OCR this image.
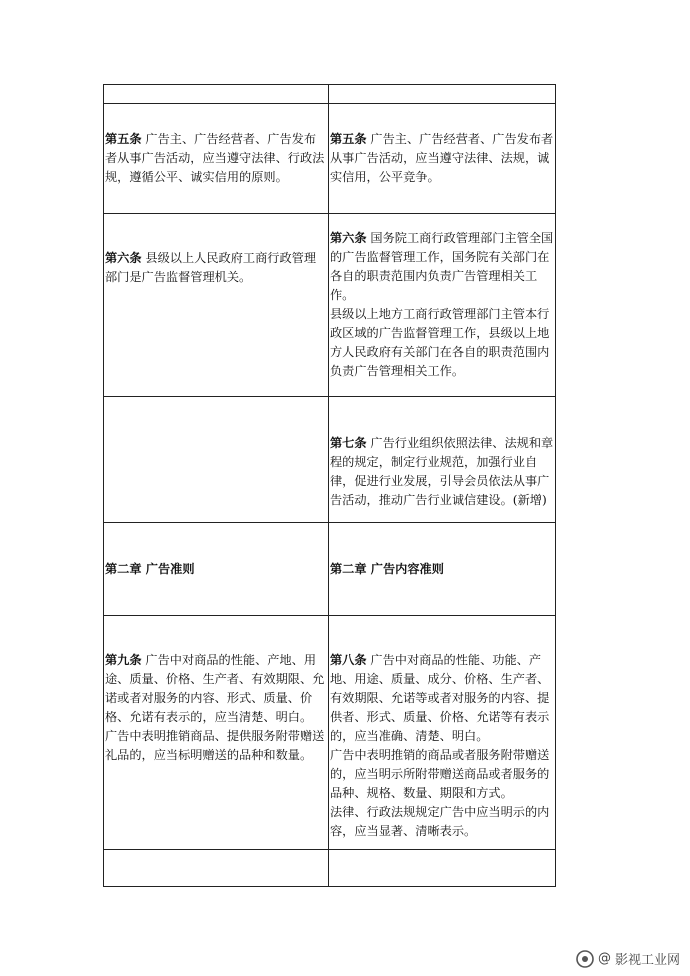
第五条 广告主、广告经营者、广告发布者从事广告活动，应当遵守法律、行政法规，遵循公平、诚实信用的原则。	第五条 广告主、广告经营者、广告发布者从事广告活动，应当遵守法律、法规，诚实信用，公平竞争。

第六条 县级以上人民政府工商行政管理部门是广告监督管理机关。	第六条 国务院工商行政管理部门主管全国的广告监督管理工作，国务院有关部门在各自的职责范围内负责广告管理相关工作。
县级以上地方工商行政管理部门主管本行政区域的广告监督管理工作，县级以上地方人民政府有关部门在各自的职责范围内负责广告管理相关工作。

	第七条 广告行业组织依照法律、法规和章程的规定，制定行业规范，加强行业自律，促进行业发展，引导会员依法从事广告活动，推动广告行业诚信建设。(新增)

第二章 广告准则	第二章 广告内容准则

第九条 广告中对商品的性能、产地、用途、质量、价格、生产者、有效期限、允诺或者对服务的内容、形式、质量、价格、允诺有表示的，应当清楚、明白。
广告中表明推销商品、提供服务附带赠送礼品的，应当标明赠送的品种和数量。	第八条 广告中对商品的性能、功能、产地、用途、质量、成分、价格、生产者、有效期限、允诺等或者对服务的内容、提供者、形式、质量、价格、允诺等有表示的，应当准确、清楚、明白。
广告中表明推销的商品或者服务附带赠送的，应当明示所附带赠送商品或者服务的品种、规格、数量、期限和方式。
法律、行政法规规定广告中应当明示的内容，应当显著、清晰表示。

@ 影视工业网
